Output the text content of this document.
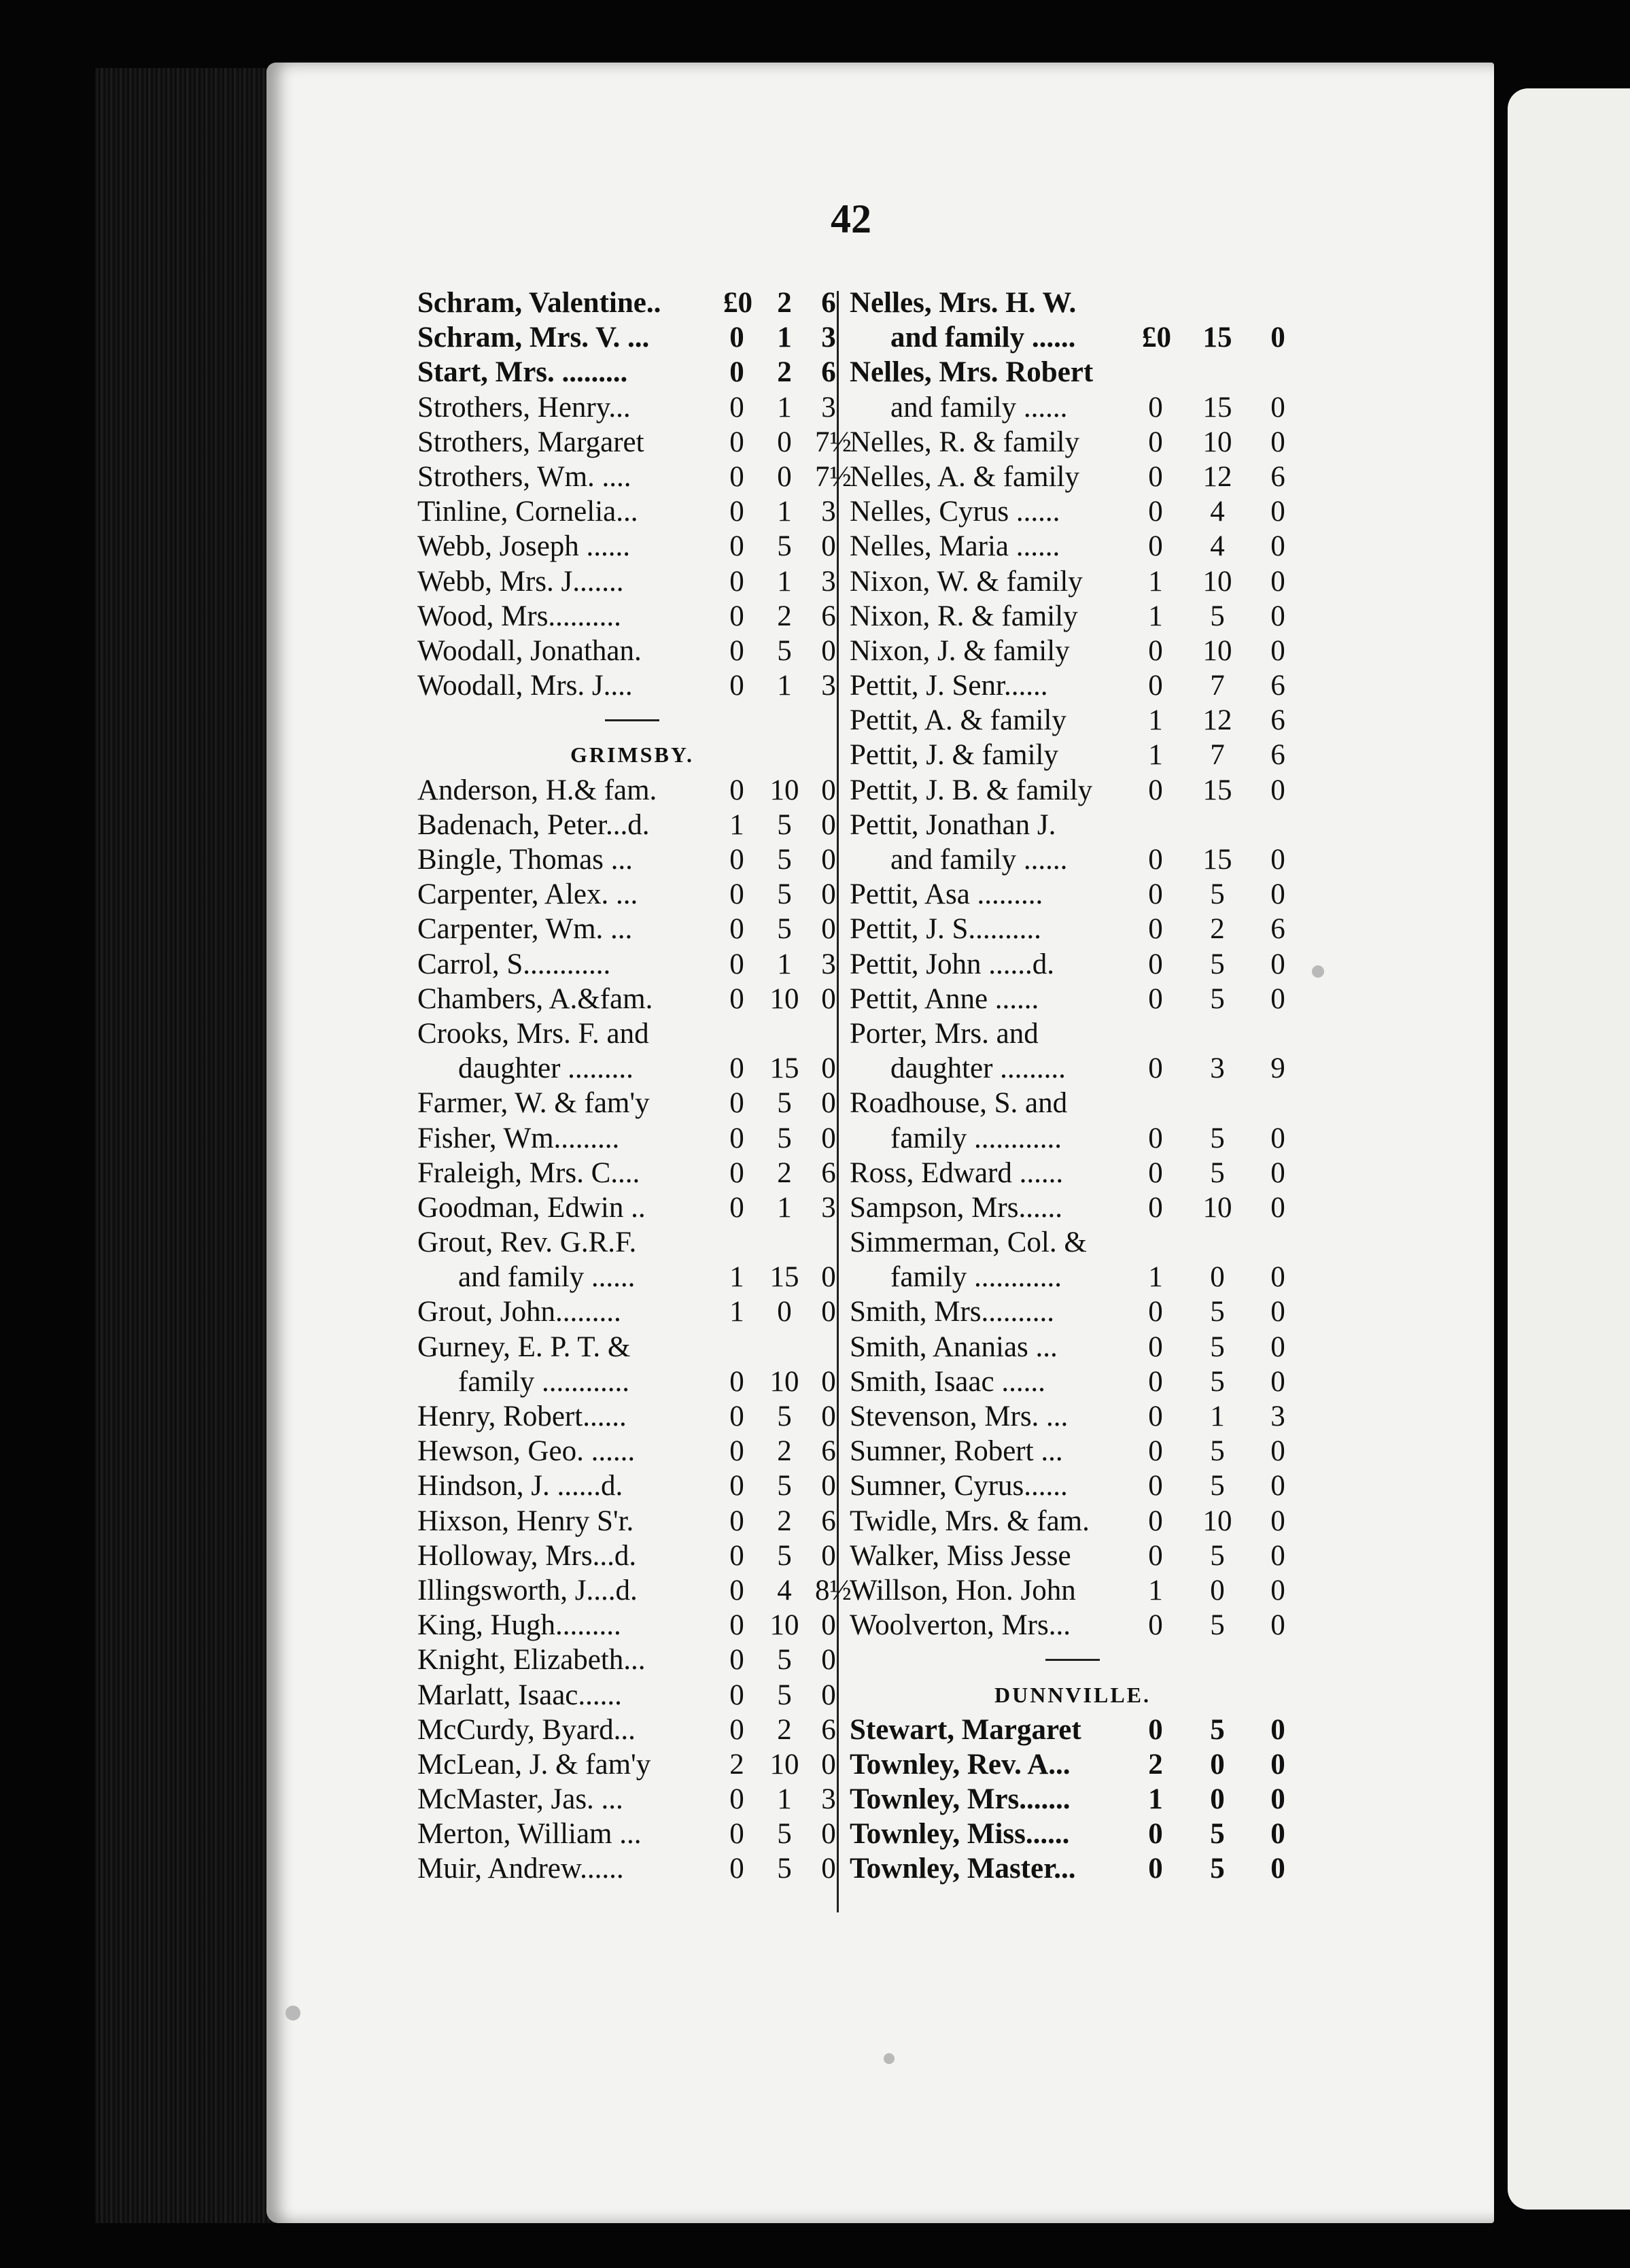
42
Schram, Valentine.. £0 2	6
Schram, Mrs. V. ...	0	1	3
Start, Mrs. .........	0	2	6
Strothers, Henry...	0	1	3
Strothers, Margaret	0	0 7½
Strothers, Wm. ....	0	0 7½
Tinline, Cornelia...	0	1	3
Webb, Joseph ......	0	5	0
Webb, Mrs. J.......	0	1	3
Wood, Mrs..........	0	2	6
Woodall, Jonathan.	0	5	0
Woodall, Mrs. J....	0	1	3
GRIMSBY.
Anderson, H.& fam. 0 10 0
Badenach, Peter...d.	1	5	0
Bingle, Thomas ...	0	5	0
Carpenter, Alex. ...	0	5	0
Carpenter, Wm. ...	0	5	0
Carrol, S............	0	1	3
Chambers, A.&fam.	0 10 0
Crooks, Mrs. F. and
daughter .........	0 15 0
Farmer, W. & fam'y	0	5	0
Fisher, Wm.........	0	5	0
Fraleigh, Mrs. C....	0	2	6
Goodman, Edwin ..	0	1	3
Grout, Rev. G.R.F.
and family ......	1 15 0
Grout, John.........	1	0	0
Gurney, E. P. T. &
family ............	0 10 0
Henry, Robert......	0	5	0
Hewson, Geo. ......	0	2	6
Hindson, J. ......d.	0	5	0
Hixson, Henry S'r.	0	2	6
Holloway, Mrs...d.	0	5	0
Illingsworth, J....d.	0	4 8½
King, Hugh.........	0 10 0
Knight, Elizabeth...	0	5	0
Marlatt, Isaac......	0	5	0
McCurdy, Byard...	0	2	6
McLean, J. & fam'y	2 10 0
McMaster, Jas. ...	0	1	3
Merton, William ...	0	5	0
Muir, Andrew......	0	5	0
Nelles, Mrs. H. W.
and family ...... £0 15 0
Nelles, Mrs. Robert
and family ......	0 15 0
Nelles, R. & family 0 10 0
Nelles, A. & family 0 12 6
Nelles, Cyrus ......	0	4	0
Nelles, Maria ......	0	4	0
Nixon, W. & family 1 10 0
Nixon, R. & family 1	5	0
Nixon, J. & family	0 10 0
Pettit, J. Senr......	0	7	6
Pettit, A. & family	1 12 6
Pettit, J. & family	1	7	6
Pettit, J. B. & family 0 15 0
Pettit, Jonathan J.
and family ......	0 15 0
Pettit, Asa .........	0	5	0
Pettit, J. S..........	0	2	6
Pettit, John ......d.	0	5	0
Pettit, Anne ......	0	5	0
Porter, Mrs. and
daughter .........	0	3	9
Roadhouse, S. and
family ............	0	5	0
Ross, Edward ......	0	5	0
Sampson, Mrs......	0 10 0
Simmerman, Col. &
family ............	1	0	0
Smith, Mrs..........	0	5	0
Smith, Ananias ...	0	5	0
Smith, Isaac ......	0	5	0
Stevenson, Mrs. ...	0	1	3
Sumner, Robert ...	0	5	0
Sumner, Cyrus......	0	5	0
Twidle, Mrs. & fam. 0 10 0
Walker, Miss Jesse	0	5	0
Willson, Hon. John 1	0	0
Woolverton, Mrs...	0	5	0
DUNNVILLE.
Stewart, Margaret 0	5	0
Townley, Rev. A...	2	0	0
Townley, Mrs.......	1	0	0
Townley, Miss......	0	5	0
Townley, Master... 0	5	0
